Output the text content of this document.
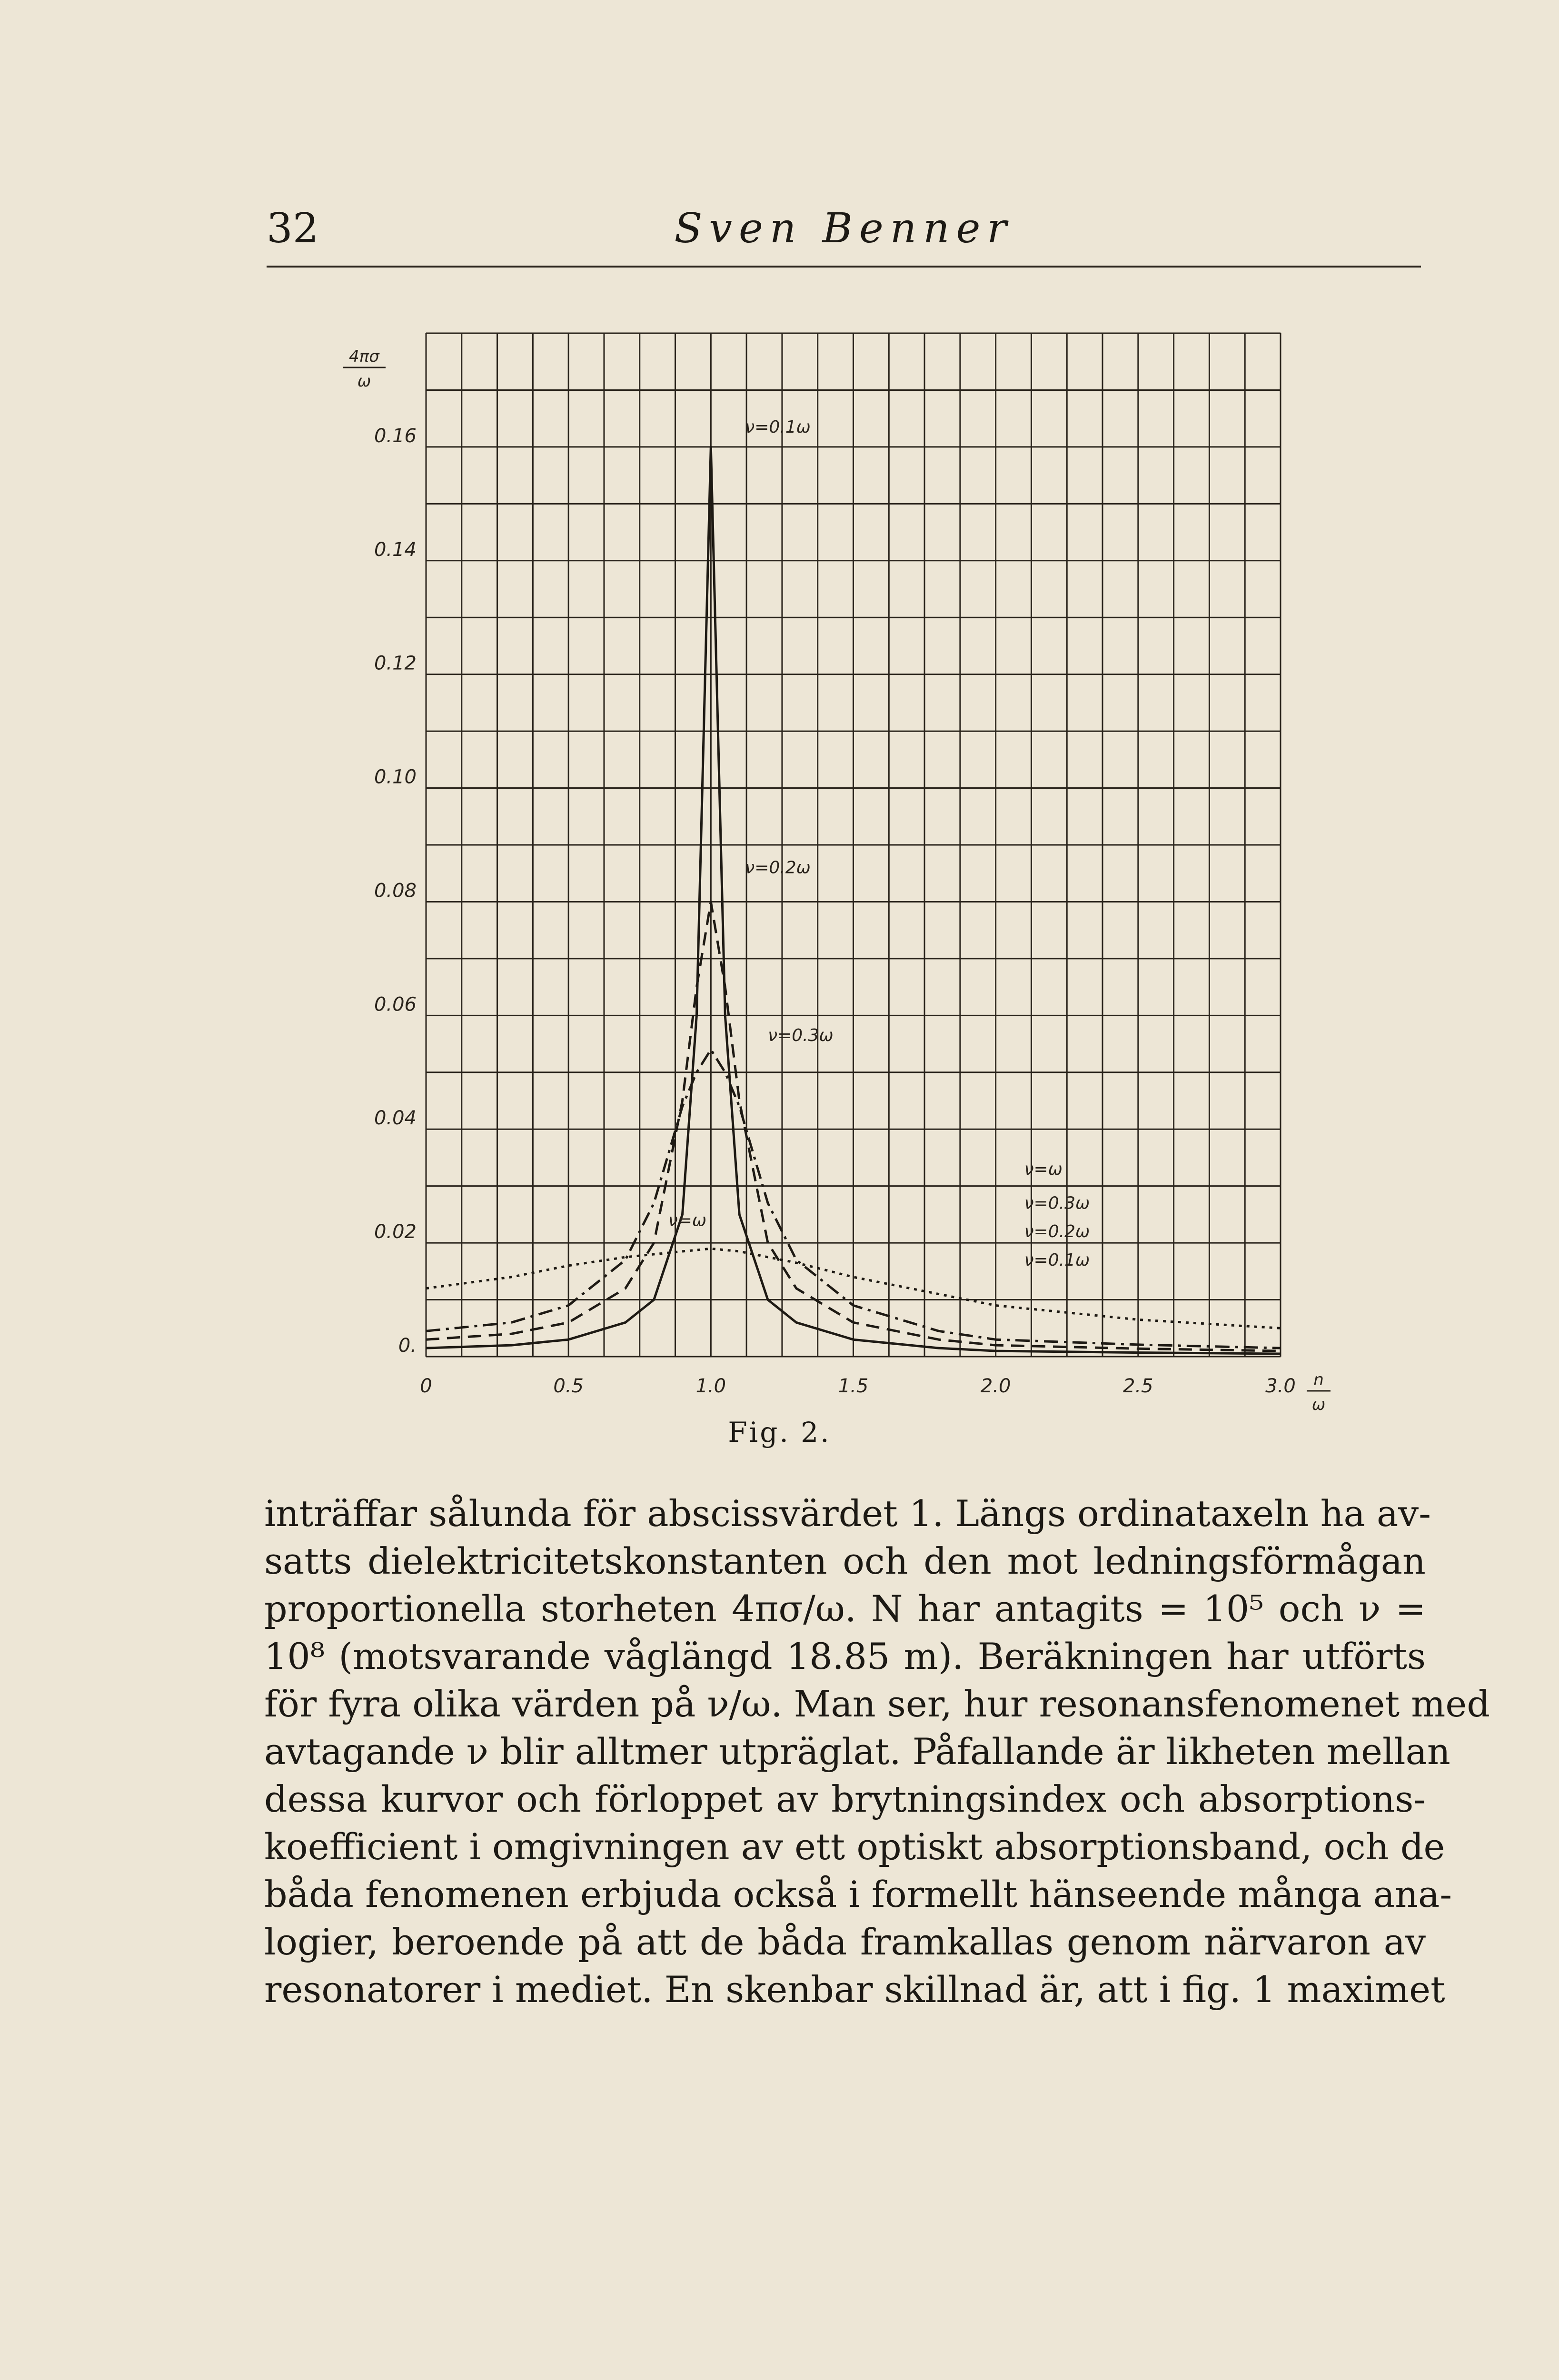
32	Sven Benner
0	0.5	1.0	1.5	2.0	2.5	3.0
0.
0.02
0.04
0.06
0.08
0.10
0.12
0.14
0.16
4πσ
ω
n
ω
ν=0.1ω
ν=0.2ω
ν=0.3ω
ν=ω
ν=ω
ν=0.3ω
ν=0.2ω
ν=0.1ω
Fig. 2.
inträffar sålunda för abscissvärdet 1. Längs ordinataxeln ha av-
satts dielektricitetskonstanten och den mot ledningsförmågan
proportionella storheten 4πσ/ω. N har antagits = 10⁵ och ν =
10⁸ (motsvarande våglängd 18.85 m). Beräkningen har utförts
för fyra olika värden på ν/ω. Man ser, hur resonansfenomenet med
avtagande ν blir alltmer utpräglat. Påfallande är likheten mellan
dessa kurvor och förloppet av brytningsindex och absorptions-
koefficient i omgivningen av ett optiskt absorptionsband, och de
båda fenomenen erbjuda också i formellt hänseende många ana-
logier, beroende på att de båda framkallas genom närvaron av
resonatorer i mediet. En skenbar skillnad är, att i fig. 1 maximet
